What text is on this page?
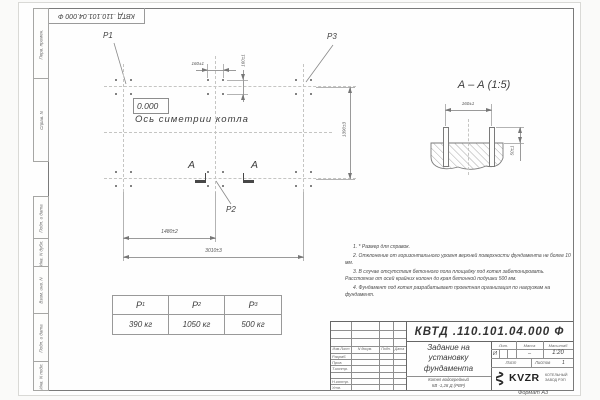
КВТД .110.101.04.000 Ф
Перв. примен.
Справ. N
Подп. и дата
Инв. N дубл.
Взам. инв. N
Подп. и дата
Инв. N подл.
160±1	160±1
1390±3
1480±2
3010±3
P1	P3
P2
0.000
Ось симетрии котла
А	А
А – А (1:5)
160±1
50±1

1. * Размер для справок.

2. Отклонение от горизонтального уровня верхней поверхности фундамента не более 10 мм.

3. В случае отсутствия бетонного пола площадку под котел забетонировать. Расстояние от осей крайних колонн до края бетонной подушки 500 мм.

4. Фундамент под котел разрабатывает проектная организация по нагрузкам на фундамент.

P 1	P 2	P 3
390 кг	1050 кг	500 кг
Изм.Лист	N докум.	Подп.	Дата
Разраб.
Пров.
Т.контр.
Н.контр.
Утв.
КВТД .110.101.04.000 Ф
Задание на
установку
фундамента
Котел водогрейный
КВ -1,28 Д (РВР)
Лит.	Масса	Масштаб
И	–	1:20
Лист	Листов 1
KVZR КОТЕЛЬНЫЙ
ЗАВОД РЭП
Формат А3
